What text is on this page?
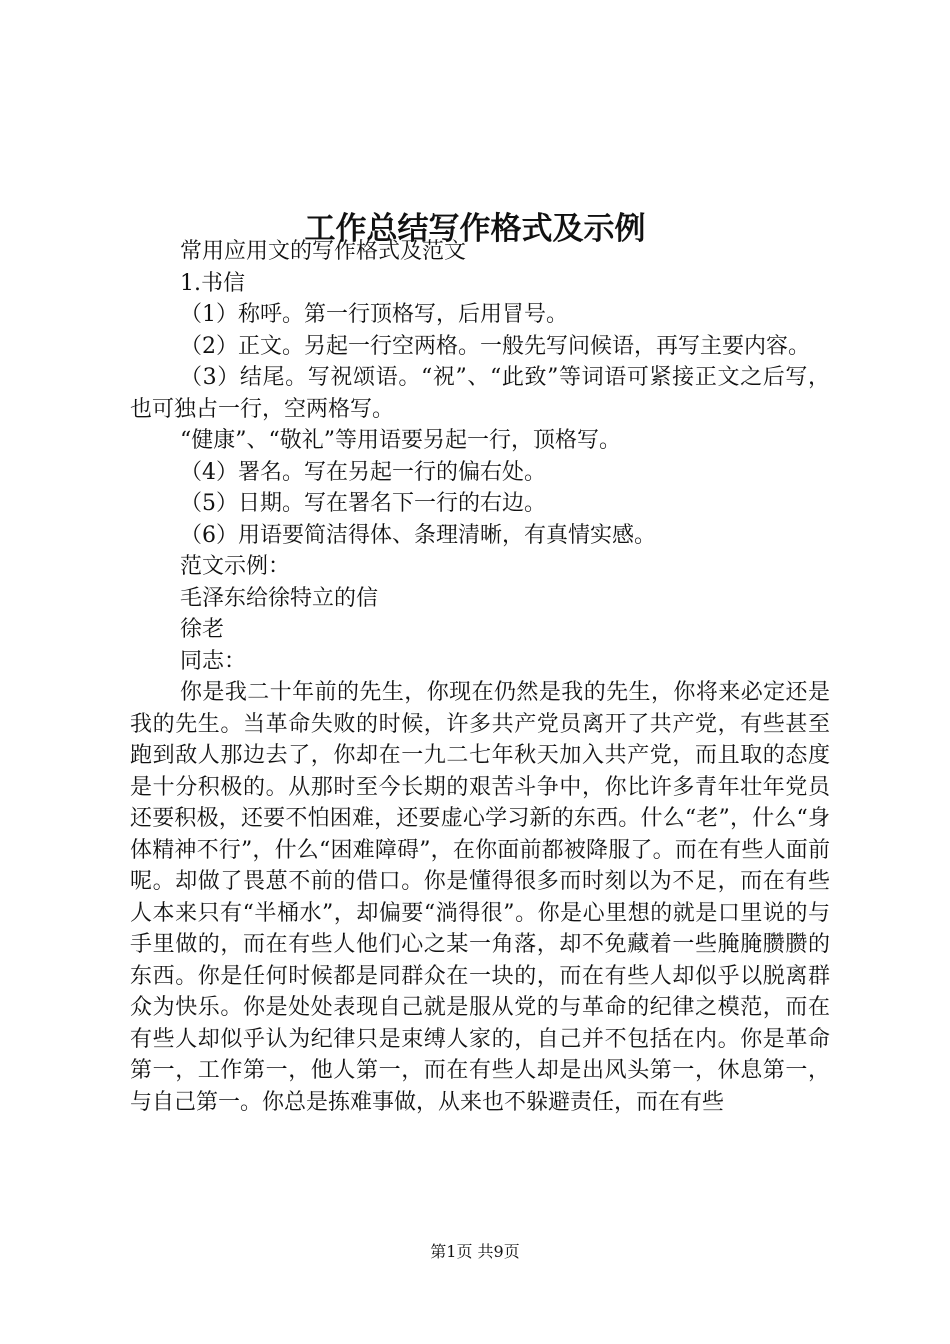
工作总结写作格式及示例

常用应用文的写作格式及范文

1.书信

（1）称呼。第一行顶格写，后用冒号。

（2）正文。另起一行空两格。一般先写问候语，再写主要内容。

（3）结尾。写祝颂语。“祝”、“此致”等词语可紧接正文之后写，也可独占一行，空两格写。

“健康”、“敬礼”等用语要另起一行，顶格写。

（4）署名。写在另起一行的偏右处。

（5）日期。写在署名下一行的右边。

（6）用语要简洁得体、条理清晰，有真情实感。

范文示例：

毛泽东给徐特立的信

徐老

同志：

你是我二十年前的先生，你现在仍然是我的先生，你将来必定还是我的先生。当革命失败的时候，许多共产党员离开了共产党，有些甚至跑到敌人那边去了，你却在一九二七年秋天加入共产党，而且取的态度是十分积极的。从那时至今长期的艰苦斗争中，你比许多青年壮年党员还要积极，还要不怕困难，还要虚心学习新的东西。什么“老”，什么“身体精神不行”，什么“困难障碍”，在你面前都被降服了。而在有些人面前呢。却做了畏葸不前的借口。你是懂得很多而时刻以为不足，而在有些人本来只有“半桶水”，却偏要“淌得很”。你是心里想的就是口里说的与手里做的，而在有些人他们心之某一角落，却不免藏着一些腌腌臜臜的东西。你是任何时候都是同群众在一块的，而在有些人却似乎以脱离群众为快乐。你是处处表现自己就是服从党的与革命的纪律之模范，而在有些人却似乎认为纪律只是束缚人家的，自己并不包括在内。你是革命第一，工作第一，他人第一，而在有些人却是出风头第一，休息第一，与自己第一。你总是拣难事做，从来也不躲避责任，而在有些

第1页 共9页
